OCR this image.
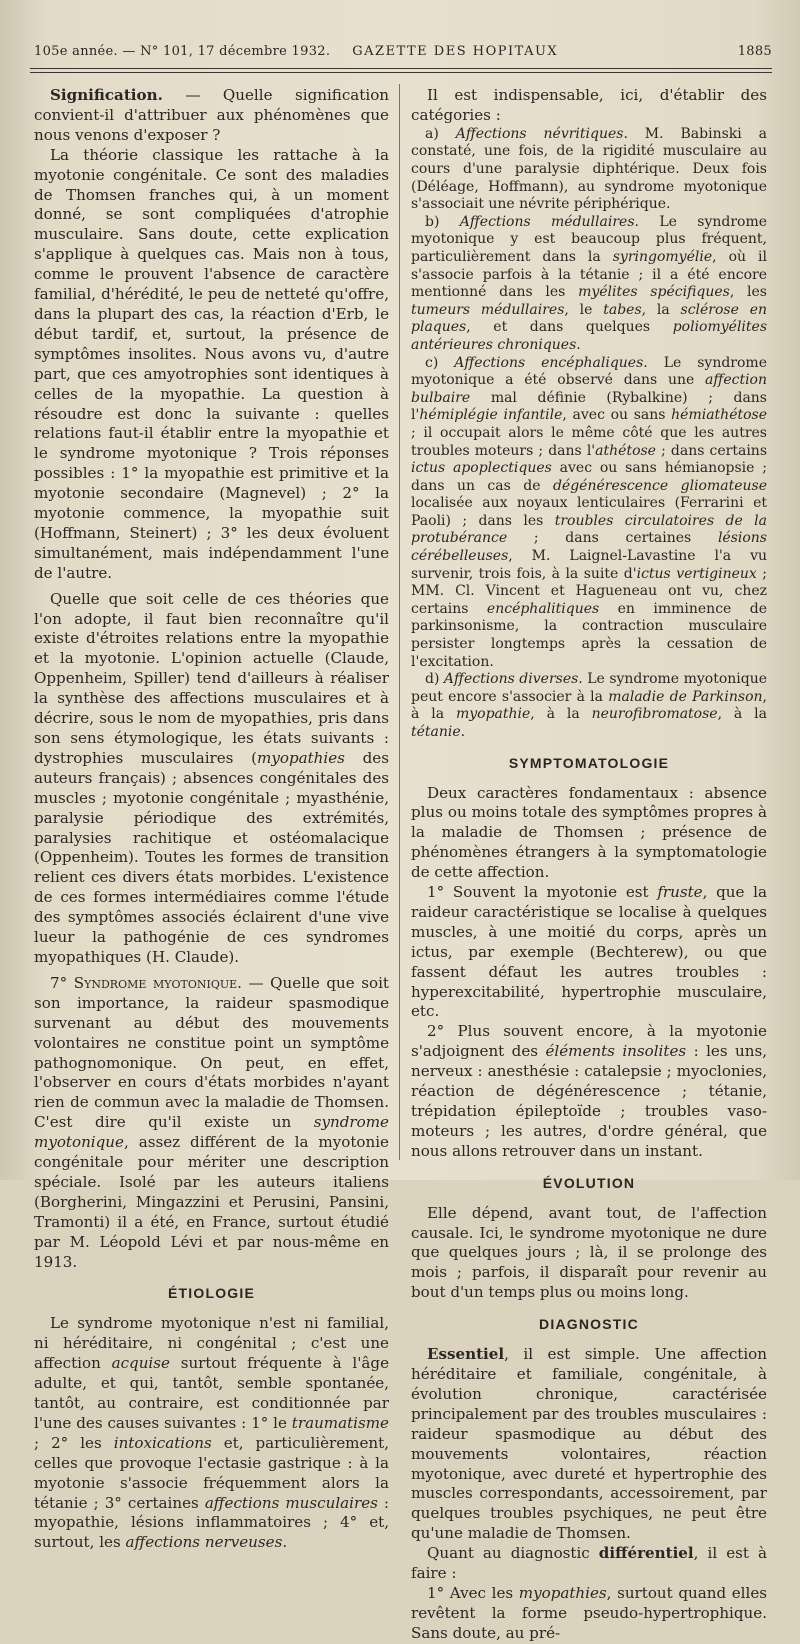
105e année. — N° 101, 17 décembre 1932. GAZETTE DES HOPITAUX	1885

Signification. — Quelle signification convient-il d'attribuer aux phénomènes que nous venons d'exposer ?

La théorie classique les rattache à la myotonie congénitale. Ce sont des maladies de Thomsen franches qui, à un moment donné, se sont compliquées d'atrophie musculaire. Sans doute, cette explication s'applique à quelques cas. Mais non à tous, comme le prouvent l'absence de caractère familial, d'hérédité, le peu de netteté qu'offre, dans la plupart des cas, la réaction d'Erb, le début tardif, et, surtout, la présence de symptômes insolites. Nous avons vu, d'autre part, que ces amyotrophies sont identiques à celles de la myopathie. La question à résoudre est donc la suivante : quelles relations faut-il établir entre la myopathie et le syndrome myotonique ? Trois réponses possibles : 1° la myopathie est primitive et la myotonie secondaire (Magnevel) ; 2° la myotonie commence, la myopathie suit (Hoffmann, Steinert) ; 3° les deux évoluent simultanément, mais indépendamment l'une de l'autre.

Quelle que soit celle de ces théories que l'on adopte, il faut bien reconnaître qu'il existe d'étroites relations entre la myopathie et la myotonie. L'opinion actuelle (Claude, Oppenheim, Spiller) tend d'ailleurs à réaliser la synthèse des affections musculaires et à décrire, sous le nom de myopathies, pris dans son sens étymologique, les états suivants : dystrophies musculaires (myopathies des auteurs français) ; absences congénitales des muscles ; myotonie congénitale ; myasthénie, paralysie périodique des extrémités, paralysies rachitique et ostéomalacique (Oppenheim). Toutes les formes de transition relient ces divers états morbides. L'existence de ces formes intermédiaires comme l'étude des symptômes associés éclairent d'une vive lueur la pathogénie de ces syndromes myopathiques (H. Claude).

7° Syndrome myotonique. — Quelle que soit son importance, la raideur spasmodique survenant au début des mouvements volontaires ne constitue point un symptôme pathognomonique. On peut, en effet, l'observer en cours d'états morbides n'ayant rien de commun avec la maladie de Thomsen. C'est dire qu'il existe un syndrome myotonique, assez différent de la myotonie congénitale pour mériter une description spéciale. Isolé par les auteurs italiens (Borgherini, Mingazzini et Perusini, Pansini, Tramonti) il a été, en France, surtout étudié par M. Léopold Lévi et par nous-même en 1913.

ÉTIOLOGIE

Le syndrome myotonique n'est ni familial, ni héréditaire, ni congénital ; c'est une affection acquise surtout fréquente à l'âge adulte, et qui, tantôt, semble spontanée, tantôt, au contraire, est conditionnée par l'une des causes suivantes : 1° le traumatisme ; 2° les intoxications et, particulièrement, celles que provoque l'ectasie gastrique : à la myotonie s'associe fréquemment alors la tétanie ; 3° certaines affections musculaires : myopathie, lésions inflammatoires ; 4° et, surtout, les affections nerveuses.

Il est indispensable, ici, d'établir des catégories :

a) Affections névritiques. M. Babinski a constaté, une fois, de la rigidité musculaire au cours d'une paralysie diphtérique. Deux fois (Déléage, Hoffmann), au syndrome myotonique s'associait une névrite périphérique.

b) Affections médullaires. Le syndrome myotonique y est beaucoup plus fréquent, particulièrement dans la syringomyélie, où il s'associe parfois à la tétanie ; il a été encore mentionné dans les myélites spécifiques, les tumeurs médullaires, le tabes, la sclérose en plaques, et dans quelques poliomyélites antérieures chroniques.

c) Affections encéphaliques. Le syndrome myotonique a été observé dans une affection bulbaire mal définie (Rybalkine) ; dans l'hémiplégie infantile, avec ou sans hémiathétose ; il occupait alors le même côté que les autres troubles moteurs ; dans l'athétose ; dans certains ictus apoplectiques avec ou sans hémianopsie ; dans un cas de dégénérescence gliomateuse localisée aux noyaux lenticulaires (Ferrarini et Paoli) ; dans les troubles circulatoires de la protubérance ; dans certaines lésions cérébelleuses, M. Laignel-Lavastine l'a vu survenir, trois fois, à la suite d'ictus vertigineux ; MM. Cl. Vincent et Hagueneau ont vu, chez certains encéphalitiques en imminence de parkinsonisme, la contraction musculaire persister longtemps après la cessation de l'excitation.

d) Affections diverses. Le syndrome myotonique peut encore s'associer à la maladie de Parkinson, à la myopathie, à la neurofibromatose, à la tétanie.

SYMPTOMATOLOGIE

Deux caractères fondamentaux : absence plus ou moins totale des symptômes propres à la maladie de Thomsen ; présence de phénomènes étrangers à la symptomatologie de cette affection.

1° Souvent la myotonie est fruste, que la raideur caractéristique se localise à quelques muscles, à une moitié du corps, après un ictus, par exemple (Bechterew), ou que fassent défaut les autres troubles : hyperexcitabilité, hypertrophie musculaire, etc.

2° Plus souvent encore, à la myotonie s'adjoignent des éléments insolites : les uns, nerveux : anesthésie : catalepsie ; myoclonies, réaction de dégénérescence ; tétanie, trépidation épileptoïde ; troubles vaso-moteurs ; les autres, d'ordre général, que nous allons retrouver dans un instant.

ÉVOLUTION

Elle dépend, avant tout, de l'affection causale. Ici, le syndrome myotonique ne dure que quelques jours ; là, il se prolonge des mois ; parfois, il disparaît pour revenir au bout d'un temps plus ou moins long.

DIAGNOSTIC

Essentiel, il est simple. Une affection héréditaire et familiale, congénitale, à évolution chronique, caractérisée principalement par des troubles musculaires : raideur spasmodique au début des mouvements volontaires, réaction myotonique, avec dureté et hypertrophie des muscles correspondants, accessoirement, par quelques troubles psychiques, ne peut être qu'une maladie de Thomsen.

Quant au diagnostic différentiel, il est à faire :

1° Avec les myopathies, surtout quand elles revêtent la forme pseudo-hypertrophique. Sans doute, au pré-
